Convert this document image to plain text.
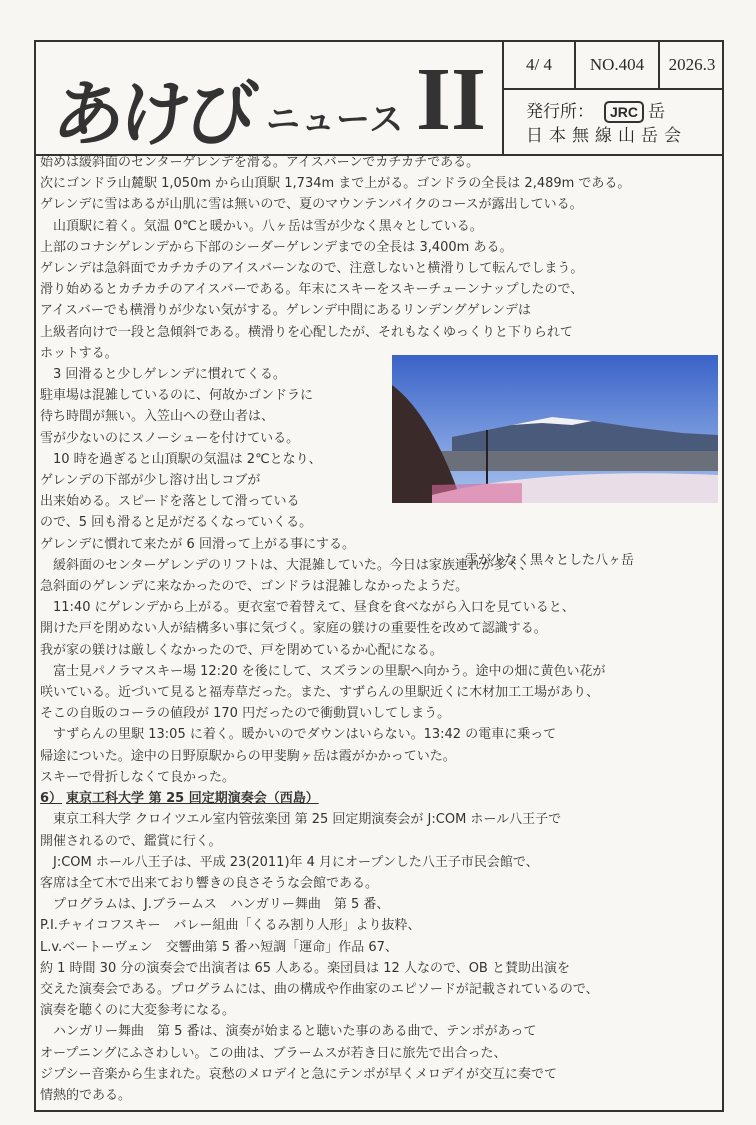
あけび ニュース II	4/ 4	NO.404	2026.3
発行所： JRC 岳
日本無線山岳会

始めは緩斜面のセンターゲレンデを滑る。アイスバーンでカチカチである。

次にゴンドラ山麓駅 1,050m から山頂駅 1,734m まで上がる。ゴンドラの全長は 2,489m である。

ゲレンデに雪はあるが山肌に雪は無いので、夏のマウンテンバイクのコースが露出している。

　山頂駅に着く。気温 0℃と暖かい。八ヶ岳は雪が少なく黒々としている。

上部のコナシゲレンデから下部のシーダーゲレンデまでの全長は 3,400m ある。

ゲレンデは急斜面でカチカチのアイスバーンなので、注意しないと横滑りして転んでしまう。

滑り始めるとカチカチのアイスバーである。年末にスキーをスキーチューンナップしたので、

アイスバーでも横滑りが少ない気がする。ゲレンデ中間にあるリンデングゲレンデは

上級者向けで一段と急傾斜である。横滑りを心配したが、それもなくゆっくりと下りられて

ホットする。

　3 回滑ると少しゲレンデに慣れてくる。

駐車場は混雑しているのに、何故かゴンドラに

待ち時間が無い。入笠山への登山者は、

雪が少ないのにスノーシューを付けている。

　10 時を過ぎると山頂駅の気温は 2℃となり、

ゲレンデの下部が少し溶け出しコブが

出来始める。スピードを落として滑っている

ので、5 回も滑ると足がだるくなっていくる。

ゲレンデに慣れて来たが 6 回滑って上がる事にする。

　緩斜面のセンターゲレンデのリフトは、大混雑していた。今日は家族連れが多く、

急斜面のゲレンデに来なかったので、ゴンドラは混雑しなかったようだ。

　11:40 にゲレンデから上がる。更衣室で着替えて、昼食を食べながら入口を見ていると、

開けた戸を閉めない人が結構多い事に気づく。家庭の躾けの重要性を改めて認識する。

我が家の躾けは厳しくなかったので、戸を閉めているか心配になる。

　富士見パノラマスキー場 12:20 を後にして、スズランの里駅へ向かう。途中の畑に黄色い花が

咲いている。近づいて見ると福寿草だった。また、すずらんの里駅近くに木材加工工場があり、

そこの自販のコーラの値段が 170 円だったので衝動買いしてしまう。

　すずらんの里駅 13:05 に着く。暖かいのでダウンはいらない。13:42 の電車に乗って

帰途についた。途中の日野原駅からの甲斐駒ヶ岳は霞がかかっていた。

スキーで骨折しなくて良かった。

6） 東京工科大学 第 25 回定期演奏会（西島）

　東京工科大学 クロイツエル室内管弦楽団 第 25 回定期演奏会が J:COM ホール八王子で

開催されるので、鑑賞に行く。

　J:COM ホール八王子は、平成 23(2011)年 4 月にオープンした八王子市民会館で、

客席は全て木で出来ており響きの良さそうな会館である。

　プログラムは、J.ブラームス　ハンガリー舞曲　第 5 番、

P.I.チャイコフスキー　バレー組曲「くるみ割り人形」より抜粋、

L.v.ベートーヴェン　交響曲第 5 番ハ短調「運命」作品 67、

約 1 時間 30 分の演奏会で出演者は 65 人ある。楽団員は 12 人なので、OB と賛助出演を

交えた演奏会である。プログラムには、曲の構成や作曲家のエピソードが記載されているので、

演奏を聴くのに大変参考になる。

　ハンガリー舞曲　第 5 番は、演奏が始まると聴いた事のある曲で、テンポがあって

オープニングにふさわしい。この曲は、ブラームスが若き日に旅先で出合った、

ジプシー音楽から生まれた。哀愁のメロデイと急にテンポが早くメロデイが交互に奏でて

情熱的である。

雪が少なく黒々とした八ヶ岳
